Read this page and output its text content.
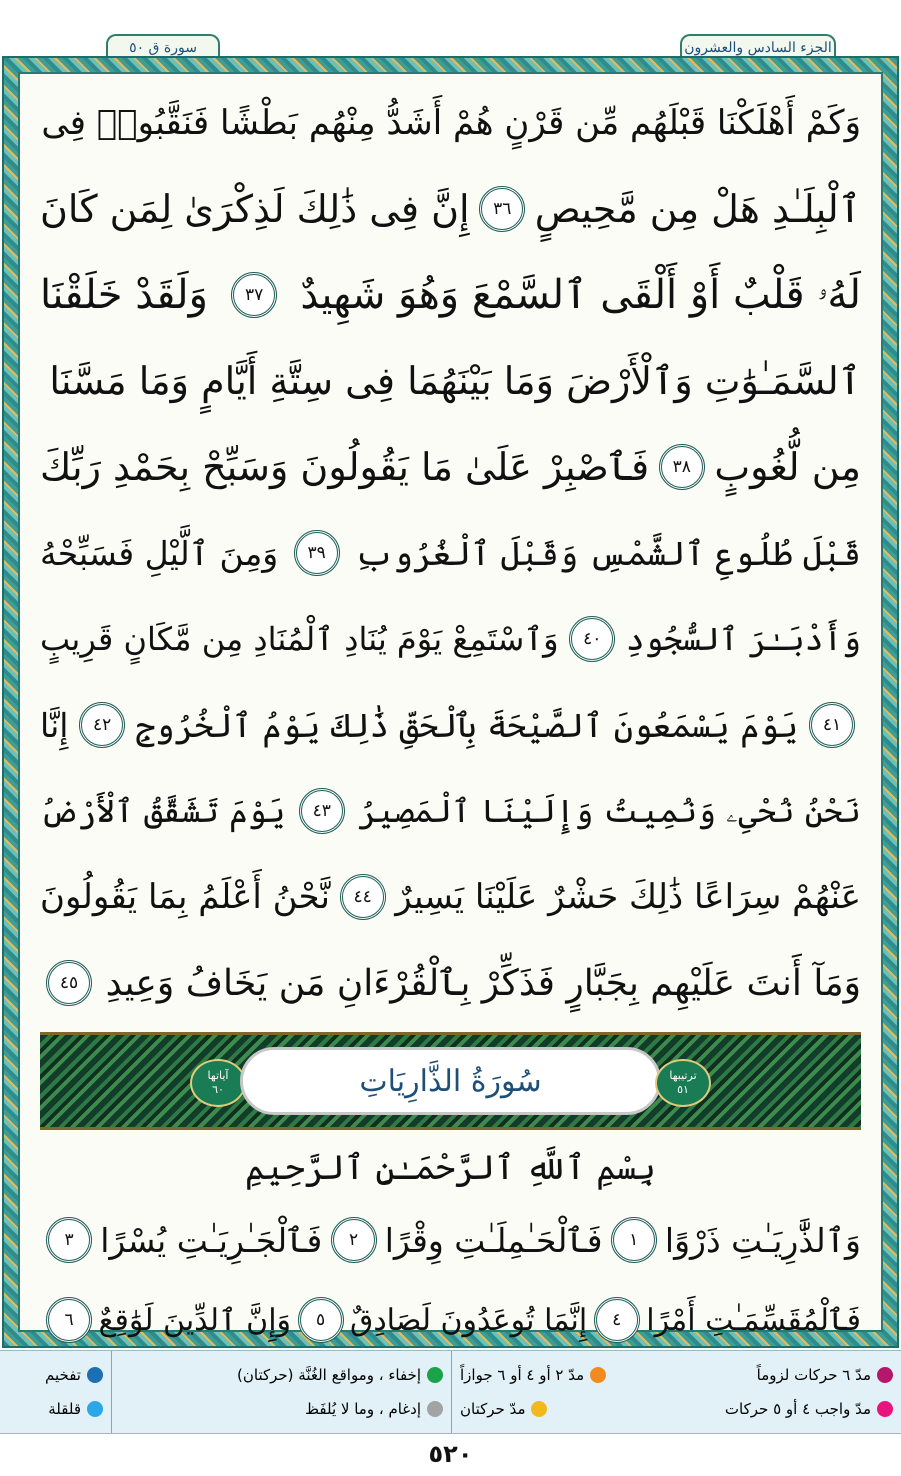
الجزء السادس والعشرون
سورة ق ٥٠
وَكَمْ أَهْلَكْنَا قَبْلَهُم مِّن قَرْنٍ هُمْ أَشَدُّ مِنْهُم بَطْشًا فَنَقَّبُوا۟ فِى
ٱلْبِلَـٰدِ هَلْ مِن مَّحِيصٍ
٣٦
إِنَّ فِى ذَٰلِكَ لَذِكْرَىٰ لِمَن كَانَ
لَهُۥ قَلْبٌ أَوْ أَلْقَى ٱلسَّمْعَ وَهُوَ شَهِيدٌ
٣٧
وَلَقَدْ خَلَقْنَا
ٱلسَّمَـٰوَٰتِ وَٱلْأَرْضَ وَمَا بَيْنَهُمَا فِى سِتَّةِ أَيَّامٍ وَمَا مَسَّنَا
مِن لُّغُوبٍ
٣٨
فَٱصْبِرْ عَلَىٰ مَا يَقُولُونَ وَسَبِّحْ بِحَمْدِ رَبِّكَ
قَبْلَ طُلُوعِ ٱلشَّمْسِ وَقَبْلَ ٱلْغُرُوبِ
٣٩
وَمِنَ ٱلَّيْلِ فَسَبِّحْهُ
وَأَدْبَـٰرَ ٱلسُّجُودِ
٤٠
وَٱسْتَمِعْ يَوْمَ يُنَادِ ٱلْمُنَادِ مِن مَّكَانٍ قَرِيبٍ
٤١
يَوْمَ يَسْمَعُونَ ٱلصَّيْحَةَ بِٱلْحَقِّ ذَٰلِكَ يَوْمُ ٱلْخُرُوجِ
٤٢
إِنَّا
نَحْنُ نُحْىِۦ وَنُمِيتُ وَإِلَيْنَا ٱلْمَصِيرُ
٤٣
يَوْمَ تَشَقَّقُ ٱلْأَرْضُ
عَنْهُمْ سِرَاعًا ذَٰلِكَ حَشْرٌ عَلَيْنَا يَسِيرٌ
٤٤
نَّحْنُ أَعْلَمُ بِمَا يَقُولُونَ
وَمَآ أَنتَ عَلَيْهِم بِجَبَّارٍ فَذَكِّرْ بِٱلْقُرْءَانِ مَن يَخَافُ وَعِيدِ
٤٥
آياتها
٦٠	سُورَةُ الذَّارِيَاتِ	ترتيبها
٥١
بِسْمِ ٱللَّهِ ٱلرَّحْمَـٰنِ ٱلرَّحِيمِ
وَٱلذَّٰرِيَـٰتِ ذَرْوًا
١
فَٱلْحَـٰمِلَـٰتِ وِقْرًا
٢
فَٱلْجَـٰرِيَـٰتِ يُسْرًا
٣
فَٱلْمُقَسِّمَـٰتِ أَمْرًا
٤
إِنَّمَا تُوعَدُونَ لَصَادِقٌ
٥
وَإِنَّ ٱلدِّينَ لَوَٰقِعٌ
٦
مدّ ٦ حركات لزوماً
مدّ ٢ أو ٤ أو ٦ جوازاً
مدّ واجب ٤ أو ٥ حركات
مدّ حركتان
إخفاء ، ومواقع الغُنَّة (حركتان)
إدغام ، وما لا يُلفَظ
تفخيم
قلقلة
٥٢٠
